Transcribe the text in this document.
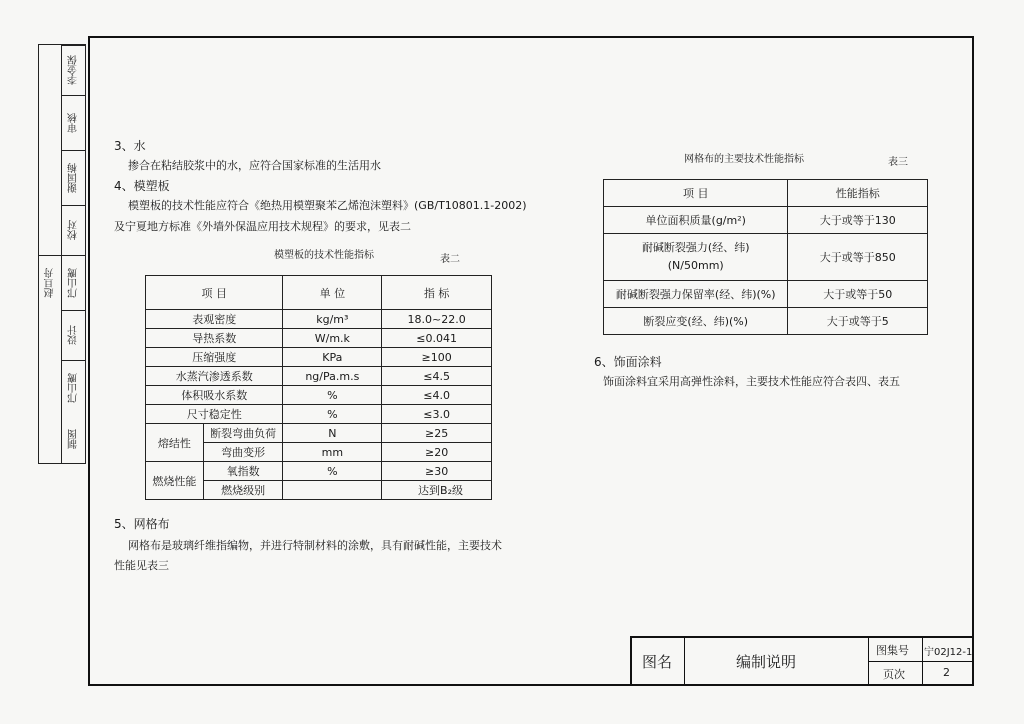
李金保
审核
谢国梅
校对
赵旦舟	邝山鹰
设计
邝山鹰
制图
3、水
掺合在粘结胶浆中的水，应符合国家标准的生活用水
4、模塑板
模塑板的技术性能应符合《绝热用模塑聚苯乙烯泡沫塑料》(GB/T10801.1-2002)
及宁夏地方标准《外墙外保温应用技术规程》的要求，见表二
模塑板的技术性能指标	表二
项 目		单 位	指 标
表观密度		kg/m³	18.0~22.0
导热系数		W/m.k	≤0.041
压缩强度		KPa	≥100
水蒸汽渗透系数		ng/Pa.m.s	≤4.5
体积吸水系数		%	≤4.0
尺寸稳定性		%	≤3.0
熔结性	断裂弯曲负荷	N	≥25
	弯曲变形	mm	≥20
燃烧性能	氧指数	%	≥30
	燃烧级别		达到B₂级
5、网格布
网格布是玻璃纤维指编物，并进行特制材料的涂敷，具有耐碱性能，主要技术
性能见表三
网格布的主要技术性能指标	表三
项 目	性能指标
单位面积质量(g/m²)	大于或等于130
耐碱断裂强力(经、纬)
(N/50mm)	大于或等于850
耐碱断裂强力保留率(经、纬)(%)	大于或等于50
断裂应变(经、纬)(%)	大于或等于5
6、饰面涂料
饰面涂料宜采用高弹性涂料，主要技术性能应符合表四、表五
图名	编制说明
图集号 宁02J12-1
页次	2
